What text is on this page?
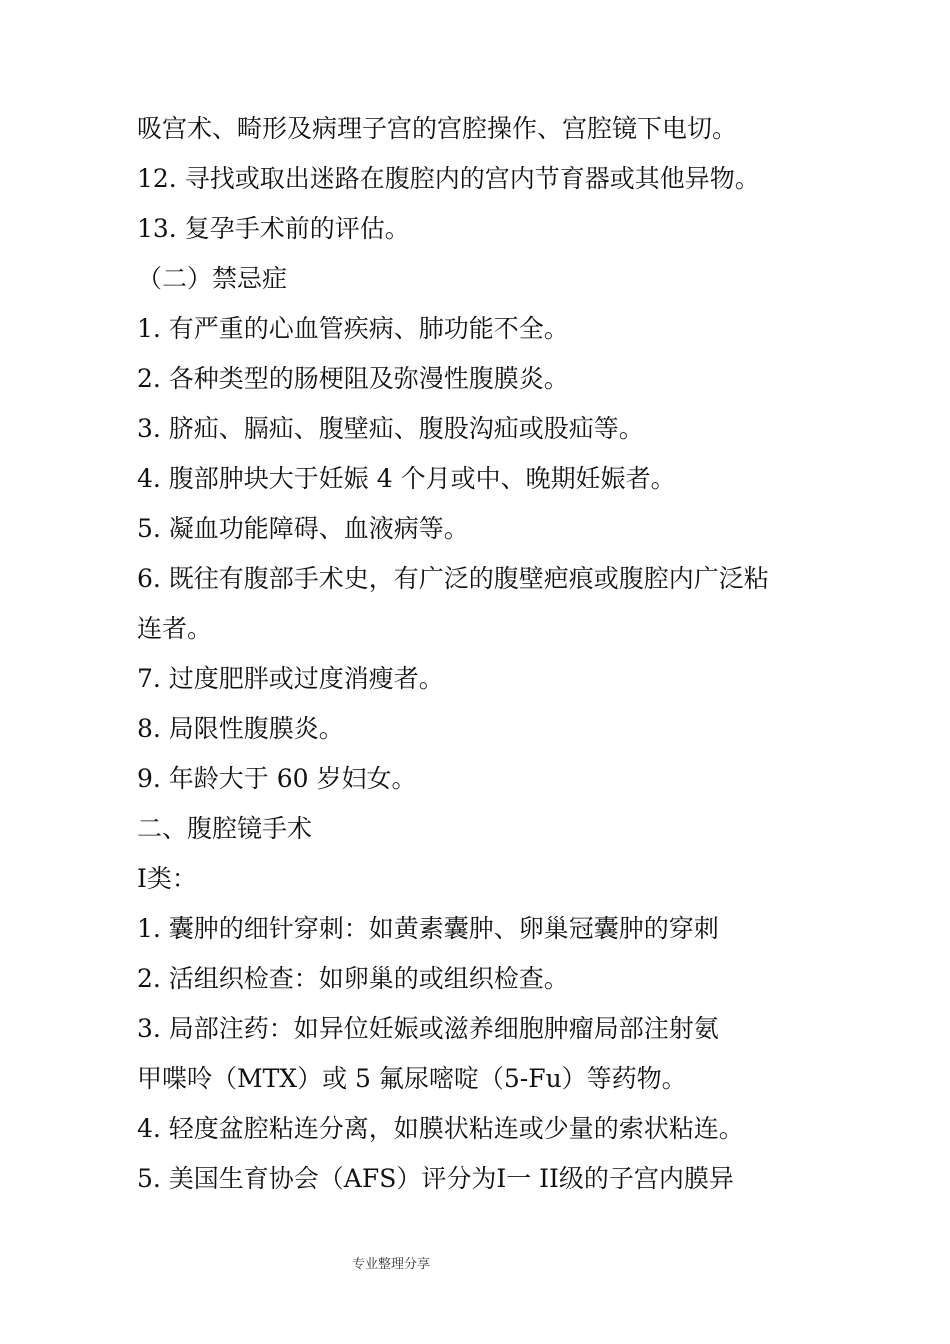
吸宫术、畸形及病理子宫的宫腔操作、宫腔镜下电切。
12. 寻找或取出迷路在腹腔内的宫内节育器或其他异物。
13. 复孕手术前的评估。
（二）禁忌症
1. 有严重的心血管疾病、肺功能不全。
2. 各种类型的肠梗阻及弥漫性腹膜炎。
3. 脐疝、膈疝、腹壁疝、腹股沟疝或股疝等。
4. 腹部肿块大于妊娠 4 个月或中、晚期妊娠者。
5. 凝血功能障碍、血液病等。
6. 既往有腹部手术史，有广泛的腹壁疤痕或腹腔内广泛粘
连者。
7. 过度肥胖或过度消瘦者。
8. 局限性腹膜炎。
9. 年龄大于 60 岁妇女。
二、腹腔镜手术
Ⅰ类：
1. 囊肿的细针穿刺：如黄素囊肿、卵巢冠囊肿的穿刺
2. 活组织检查：如卵巢的或组织检查。
3. 局部注药：如异位妊娠或滋养细胞肿瘤局部注射氨
甲喋呤（MTX）或 5 氟尿嘧啶（5-Fu）等药物。
4. 轻度盆腔粘连分离，如膜状粘连或少量的索状粘连。
5. 美国生育协会（AFS）评分为Ⅰ一 ⅠⅠ级的子宫内膜异
专业整理分享
